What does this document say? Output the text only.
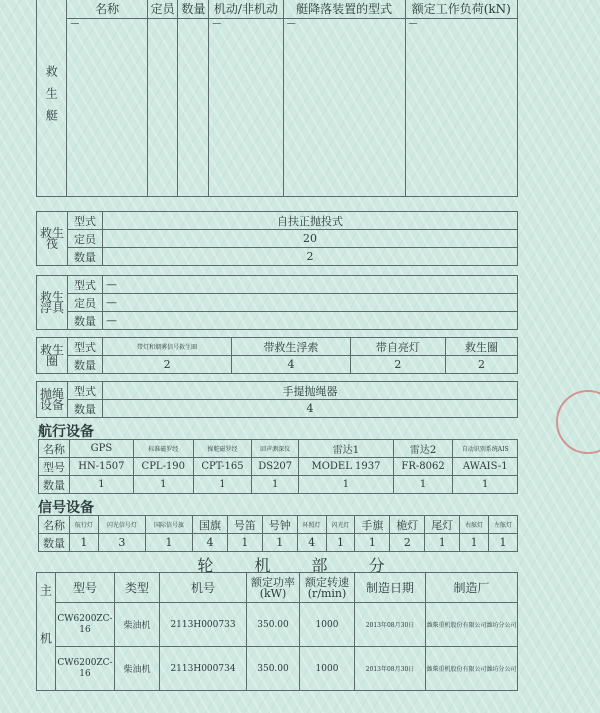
救生艇	名称	定员	数量	机动/非机动	艇降落装置的型式	额定工作负荷(kN)
	—			—	—	—
救生筏	型式	自扶正抛投式
	定员	20
	数量	2
救生浮具	型式	—
	定员	—
	数量	—
救生圈	型式	带灯和烟雾信号救生圈	带救生浮索	带自亮灯	救生圈
	数量	2	4	2	2
抛绳设备	型式	手提抛绳器
	数量	4
航行设备
名称	GPS	标准磁罗经	操舵磁罗经	回声测深仪	雷达1	雷达2	自动识别系统AIS
型号	HN-1507	CPL-190	CPT-165	DS207	MODEL 1937	FR-8062	AWAIS-1
数量	1	1	1	1	1	1	1
信号设备
名称	航行灯	闪光信号灯	国际信号旗	国旗	号笛	号钟	环照灯	闪光灯	手旗	桅灯	尾灯	右舷灯	左舷灯
数量	1	3	1	4	1	1	4	1	1	2	1	1	1
轮 机 部 分
主机	型号	类型	机号	额定功率 (kW)	额定转速 (r/min)	制造日期	制造厂
	CW6200ZC-16	柴油机	2113H000733	350.00	1000	2013年08月30日	潍柴重机股份有限公司潍坊分公司
	CW6200ZC-16	柴油机	2113H000734	350.00	1000	2013年08月30日	潍柴重机股份有限公司潍坊分公司
